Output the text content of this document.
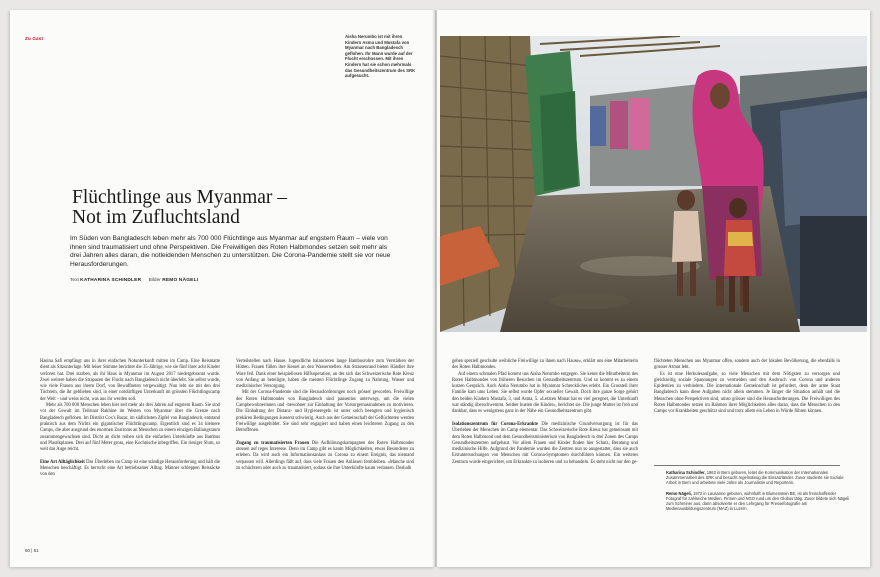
Zu Gast	Aisha Nerumbo ist mit ihren Kindern Asma und Mustafa von Myanmar nach Bangladesch geflohen. Ihr Mann wurde auf der Flucht erschossen. Mit ihren Kindern hat sie schon mehrmals das Gesundheitszentrum des SRK aufgesucht.
Flüchtlinge aus Myanmar –
Not im Zufluchtsland

Im Süden von Bangladesch leben mehr als 700 000 Flüchtlinge aus Myanmar auf engstem Raum – viele von ihnen sind traumatisiert und ohne Perspektiven. Die Freiwilligen des Roten Halbmondes setzen seit mehr als drei Jahren alles daran, die notleidenden Menschen zu unterstützen. Die Corona-Pandemie stellt sie vor neue Herausforderungen.

Text KATHARINA SCHINDLER Bilder REMO NÄGELI

Hasina Safi empfängt uns in ihrer einfachen Notunterkunft mitten im Camp. Eine Reismatte dient als Sitzunterlage. Mit leiser Stimme berichtet die 35-Jährige, wie sie fünf ihrer acht Kinder verloren hat. Drei starben, als ihr Haus in Myanmar im August 2017 niedergebrannt wurde. Zwei weitere haben die Strapazen der Flucht nach Bangladesch nicht überlebt. Sie selbst wurde, wie viele Frauen aus ihrem Dorf, von Bewaffneten vergewaltigt. Nun lebt sie mit den drei Töchtern, die ihr geblieben sind, in einer notdürftigen Unterkunft im grössten Flüchtlingscamp der Welt – und weiss nicht, was aus ihr werden soll.

Mehr als 700 000 Menschen leben hier seit mehr als drei Jahren auf engstem Raum. Sie sind vor der Gewalt im Teilstaat Rakhine im Westen von Myanmar über die Grenze nach Bangladesch geflohen. Im Distrikt Cox's Bazar, im südlichsten Zipfel von Bangladesch, entstand praktisch aus dem Nichts ein gigantischer Flüchtlingscamp. Eigentlich sind es 34 kleinere Camps, die aber ausgrund des enormen Zustroms an Menschen zu einem einzigen Ballungsraum zusammengewachsen sind. Dicht an dicht reihen sich die einfachen Unterkünfte aus Bambus und Plastikplanen. Drei auf fünf Meter gross, eine Kochnische inbegriffen. Ein riesiger Slum, so weit das Auge reicht.

Eine Art Alltäglichkeit Das Überleben im Camp ist eine ständige Herausforderung und hält die Menschen beschäftigt. Es herrscht eine Art betriebsamer Alltag. Männer schleppen Reissäcke von den

Verteilstellen nach Hause. Jugendliche balancieren lange Bambusrohre zum Verstärken der Hütten. Frauen füllen ihre Kessel an den Wasserstellen. Am Strassenrand bieten Händler ihre Ware feil. Dank einer beispiellosen Hilfsoperation, an der sich das Schweizerische Rote Kreuz von Anfang an beteiligte, haben die meisten Flüchtlinge Zugang zu Nahrung, Wasser und medizinischer Versorgung.

Mit der Corona-Pandemie sind die Herausforderungen noch grösser geworden. Freiwillige des Roten Halbmondes von Bangladesch sind pausenlos unterwegs, um die vielen Campbewohnerinnen und -bewohner zur Einhaltung der Vorsorgemassnahmen zu motivieren. Die Einhaltung der Distanz- und Hygieneregeln ist unter solch beengten und hygienisch prekären Bedingungen äusserst schwierig. Auch aus der Gemeinschaft der Geflüchteten werden Freiwillige ausgebildet. Sie sind sehr engagiert und haben einen leichteren Zugang zu den Betroffenen.

Zugang zu traumatisierten Frauen Die Aufklärungskampagnen des Roten Halbmondes stossen auf reges Interesse. Denn im Camp gibt es kaum Möglichkeiten, etwas Besonderes zu erleben. Da wird auch ein Informationsanlass zu Corona zu einem Ereignis, das niemand verpassen will. Allerdings fällt auf, dass viele Frauen den Anlässen fernbleiben. «Manche sind zu schüchtern oder auch zu traumatisiert, sodass sie ihre Unterkünfte kaum verlassen. Deshalb

60 | 61

gehen speziell geschulte weibliche Freiwillige zu ihnen nach Hause», erklärt uns eine Mitarbeiterin des Roten Halbmondes.

Auf einem schmalen Pfad kommt uns Aisha Nerumbo entgegen. Sie kennt die Mitarbeiterin des Roten Halbmondes von früheren Besuchen im Gesundheitszentrum. Und so kommt es zu einem kurzen Gespräch. Auch Aisha Nerumbo hat in Myanmar Schreckliches erlebt. Ein Grossteil ihrer Familie kam ums Leben. Sie selbst wurde Opfer sexueller Gewalt. Doch ihre ganze Sorge gehört den beiden Kindern Mustafa, 3, und Asma, 5. «Letzten Monat hat es viel geregnet, die Unterkunft war ständig überschwemmt. Seither husten die Kinder», berichtet sie. Die junge Mutter ist froh und dankbar, dass es wenigstens ganz in der Nähe ein Gesundheitszentrum gibt.

Isolationszentrum für Corona-Erkrankte Die medizinische Grundversorgung ist für das Überleben der Menschen im Camp elementar. Das Schweizerische Rote Kreuz hat gemeinsam mit dem Roten Halbmond und dem Gesundheitsministerium von Bangladesch in drei Zonen des Camps Gesundheitszentren aufgebaut. Vor allem Frauen und Kinder finden hier Schutz, Beratung und medizinische Hilfe. Aufgrund der Pandemie wurden die Zentren nun so ausgestattet, dass sie auch Erstuntersuchungen von Menschen mit Corona-Symptomen durchführen können. Ein weiteres Zentrum wurde eingerichtet, um Erkrankte zu isolieren und zu behandeln. Es steht nicht nur den ge-

flüchteten Menschen aus Myanmar offen, sondern auch der lokalen Bevölkerung, die ebenfalls in grosser Armut lebt.

Es ist eine Herkulesaufgabe, so viele Menschen mit dem Nötigsten zu versorgen und gleichzeitig soziale Spannungen zu vermeiden und den Ausbruch von Corona und anderen Epidemien zu verhindern. Die internationale Gemeinschaft ist gefordert, denn der arme Staat Bangladesch kann diese Aufgaben nicht allein stemmen. Je länger die Situation anhält und die Menschen ohne Perspektiven sind, umso grösser sind die Herausforderungen. Die Freiwilligen des Roten Halbmondes setzen im Rahmen ihrer Möglichkeiten alles daran, dass die Menschen in den Camps vor Krankheiten geschützt sind und trotz allem ein Leben in Würde führen können.

Katharina Schindler, 1963 in Bern geboren, leitet die Kommunikation der Internationalen Zusammenarbeit des SRK und besucht regelmässig die Einsatzländer. Zuvor studierte sie Soziale Arbeit in Bern und arbeitete viele Jahre als Journalistin und Reporterin.

Remo Nägeli, 1972 in Lausanne geboren, wohnhaft in Blumenstein BE, ist als freischaffender Fotograf für zahlreiche Medien, Firmen und NGO rund um den Globus tätig. Zuvor bildete sich Nägeli zum Schreiner aus, dann absolvierte er den Lehrgang für Pressefotografie am Medienausbildungszentrum (MAZ) in Luzern.
